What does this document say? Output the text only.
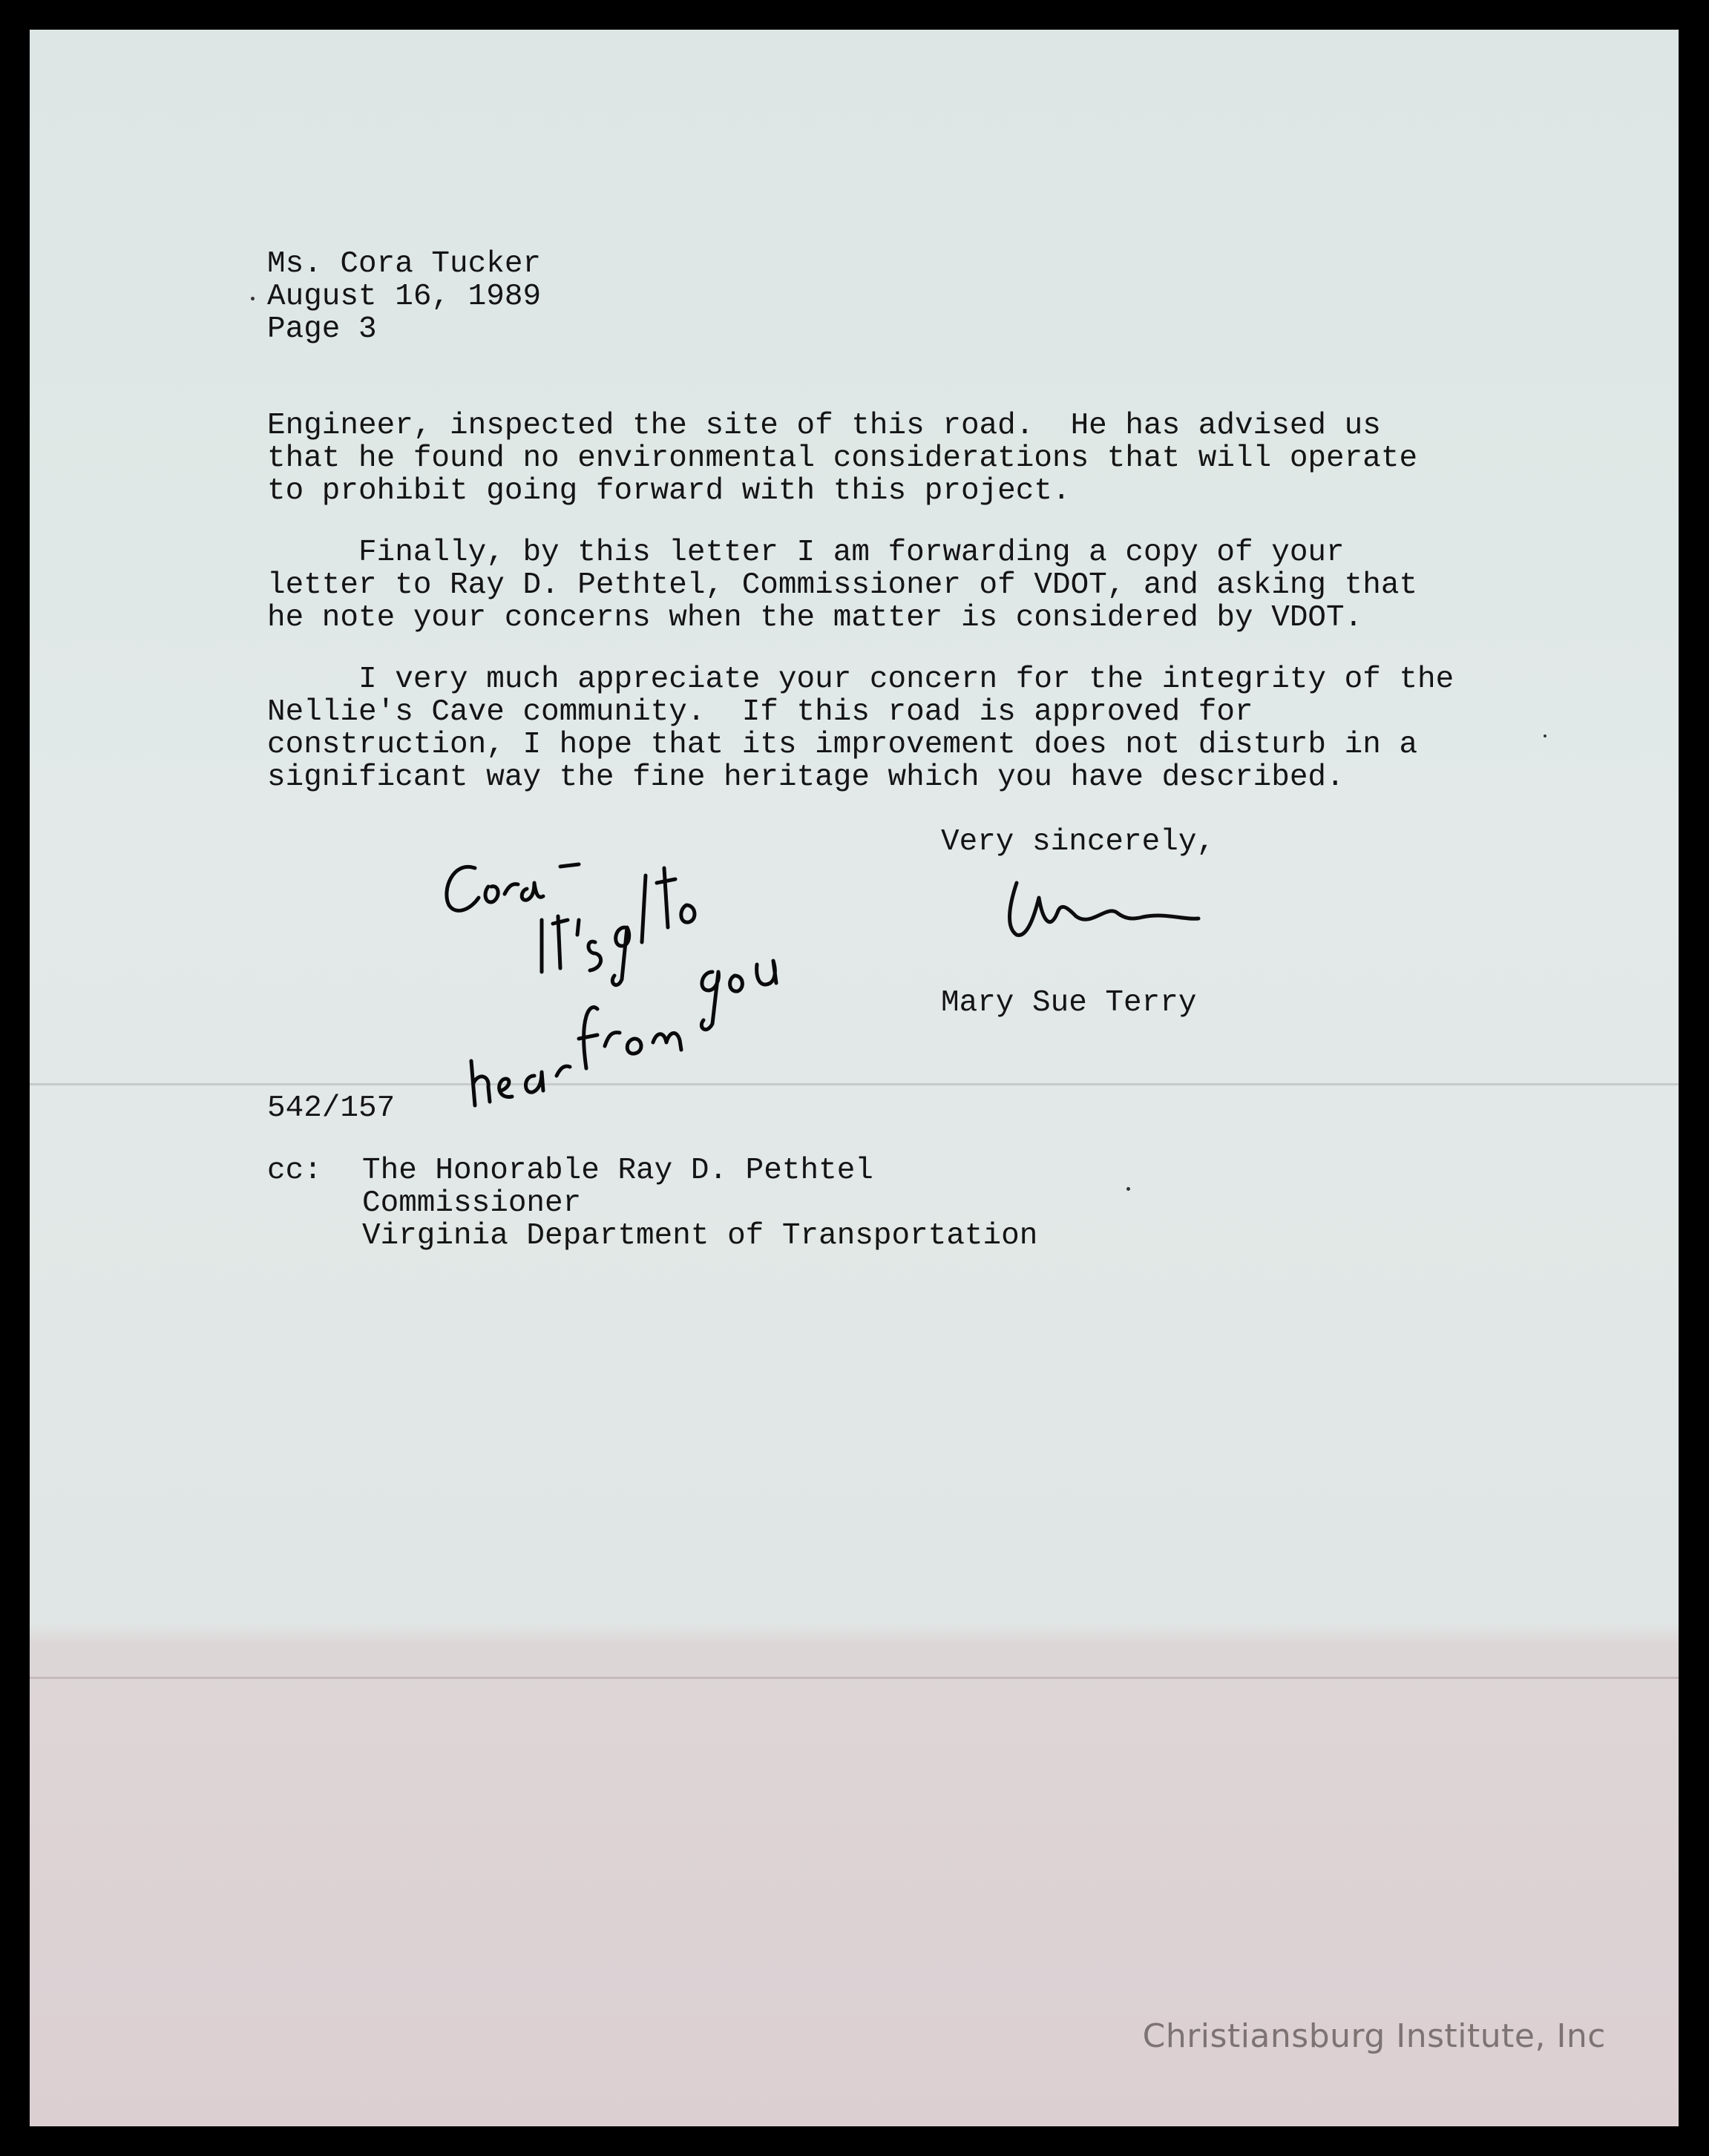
Ms. Cora Tucker
August 16, 1989
Page 3
Engineer, inspected the site of this road.  He has advised us
that he found no environmental considerations that will operate
to prohibit going forward with this project.
Finally, by this letter I am forwarding a copy of your
letter to Ray D. Pethtel, Commissioner of VDOT, and asking that
he note your concerns when the matter is considered by VDOT.
I very much appreciate your concern for the integrity of the
Nellie's Cave community.  If this road is approved for
construction, I hope that its improvement does not disturb in a
significant way the fine heritage which you have described.
Very sincerely,
Mary Sue Terry
542/157
cc: The Honorable Ray D. Pethtel
Commissioner
Virginia Department of Transportation
Christiansburg Institute, Inc
